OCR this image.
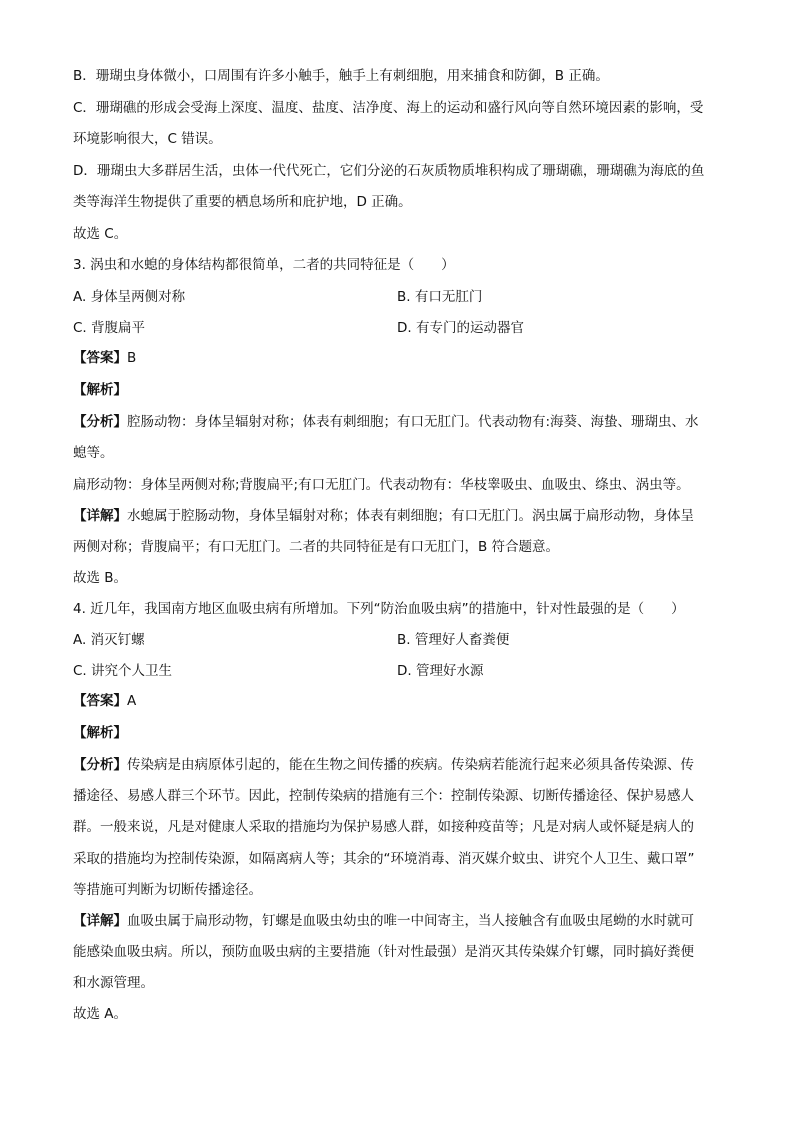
B．珊瑚虫身体微小，口周围有许多小触手，触手上有刺细胞，用来捕食和防御，B 正确。
C．珊瑚礁的形成会受海上深度、温度、盐度、洁净度、海上的运动和盛行风向等自然环境因素的影响，受
环境影响很大，C 错误。
D．珊瑚虫大多群居生活，虫体一代代死亡，它们分泌的石灰质物质堆积构成了珊瑚礁，珊瑚礁为海底的鱼
类等海洋生物提供了重要的栖息场所和庇护地，D 正确。
故选 C。
3. 涡虫和水螅的身体结构都很简单，二者的共同特征是（　　）
A. 身体呈两侧对称	B. 有口无肛门
C. 背腹扁平	D. 有专门的运动器官
【答案】B
【解析】
【分析】腔肠动物：身体呈辐射对称；体表有刺细胞；有口无肛门。代表动物有:海葵、海蛰、珊瑚虫、水
螅等。
扁形动物：身体呈两侧对称;背腹扁平;有口无肛门。代表动物有：华枝睾吸虫、血吸虫、绦虫、涡虫等。
【详解】水螅属于腔肠动物，身体呈辐射对称；体表有刺细胞；有口无肛门。涡虫属于扁形动物，身体呈
两侧对称；背腹扁平；有口无肛门。二者的共同特征是有口无肛门，B 符合题意。
故选 B。
4. 近几年，我国南方地区血吸虫病有所增加。下列“防治血吸虫病”的措施中，针对性最强的是（　　）
A. 消灭钉螺	B. 管理好人畜粪便
C. 讲究个人卫生	D. 管理好水源
【答案】A
【解析】
【分析】传染病是由病原体引起的，能在生物之间传播的疾病。传染病若能流行起来必须具备传染源、传
播途径、易感人群三个环节。因此，控制传染病的措施有三个：控制传染源、切断传播途径、保护易感人
群。一般来说，凡是对健康人采取的措施均为保护易感人群，如接种疫苗等；凡是对病人或怀疑是病人的
采取的措施均为控制传染源，如隔离病人等；其余的“环境消毒、消灭媒介蚊虫、讲究个人卫生、戴口罩”
等措施可判断为切断传播途径。
【详解】血吸虫属于扁形动物，钉螺是血吸虫幼虫的唯一中间寄主，当人接触含有血吸虫尾蚴的水时就可
能感染血吸虫病。所以，预防血吸虫病的主要措施（针对性最强）是消灭其传染媒介钉螺，同时搞好粪便
和水源管理。
故选 A。
